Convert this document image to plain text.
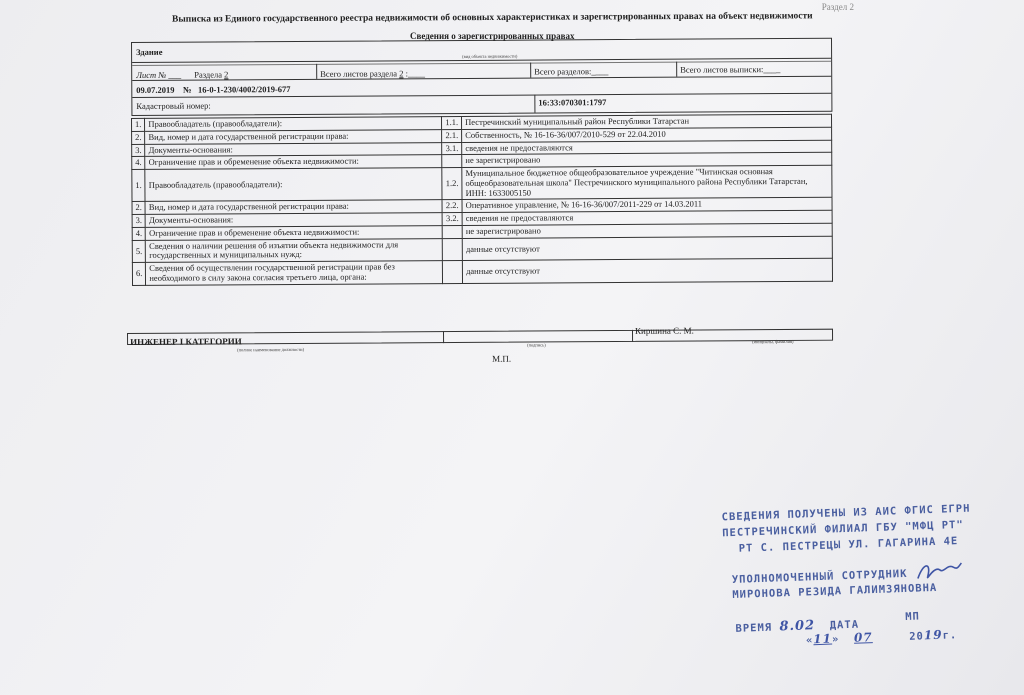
Раздел 2
Выписка из Единого государственного реестра недвижимости об основных характеристиках и зарегистрированных правах на объект недвижимости
Сведения о зарегистрированных правах
Здание	(вид объекта недвижимости)
Лист № ___ Раздела 2	Всего листов раздела 2 :____	Всего разделов:____	Всего листов выписки:____
09.07.2019 № 16-0-1-230/4002/2019-677
Кадастровый номер:	16:33:070301:1797
1.	Правообладатель (правообладатели):	1.1.	Пестречинский муниципальный район Республики Татарстан
2.	Вид, номер и дата государственной регистрации права:	2.1.	Собственность, № 16-16-36/007/2010-529 от 22.04.2010
3.	Документы-основания:	3.1.	сведения не предоставляются
4.	Ограничение прав и обременение объекта недвижимости:		не зарегистрировано
1.	Правообладатель (правообладатели):	1.2.	Муниципальное бюджетное общеобразовательное учреждение "Читинская основная общеобразовательная школа" Пестречинского муниципального района Республики Татарстан, ИНН: 1633005150
2.	Вид, номер и дата государственной регистрации права:	2.2.	Оперативное управление, № 16-16-36/007/2011-229 от 14.03.2011
3.	Документы-основания:	3.2.	сведения не предоставляются
4.	Ограничение прав и обременение объекта недвижимости:		не зарегистрировано
5.	Сведения о наличии решения об изъятии объекта недвижимости для государственных и муниципальных нужд:		данные отсутствуют
6.	Сведения об осуществлении государственной регистрации прав без необходимого в силу закона согласия третьего лица, органа:		данные отсутствуют
ИНЖЕНЕР I КАТЕГОРИИ
Киршина С. М.
(полное наименование должности)
(подпись)
(инициалы, фамилия)
М.П.
СВЕДЕНИЯ ПОЛУЧЕНЫ ИЗ АИС ФГИС ЕГРН
ПЕСТРЕЧИНСКИЙ ФИЛИАЛ ГБУ "МФЦ РТ"
РТ С. ПЕСТРЕЦЫ УЛ. ГАГАРИНА 4Е
УПОЛНОМОЧЕННЫЙ СОТРУДНИК
МИРОНОВА РЕЗИДА ГАЛИМЗЯНОВНА
ВРЕМЯ 8.02 ДАТА
МП
«11»  07	2019г.
